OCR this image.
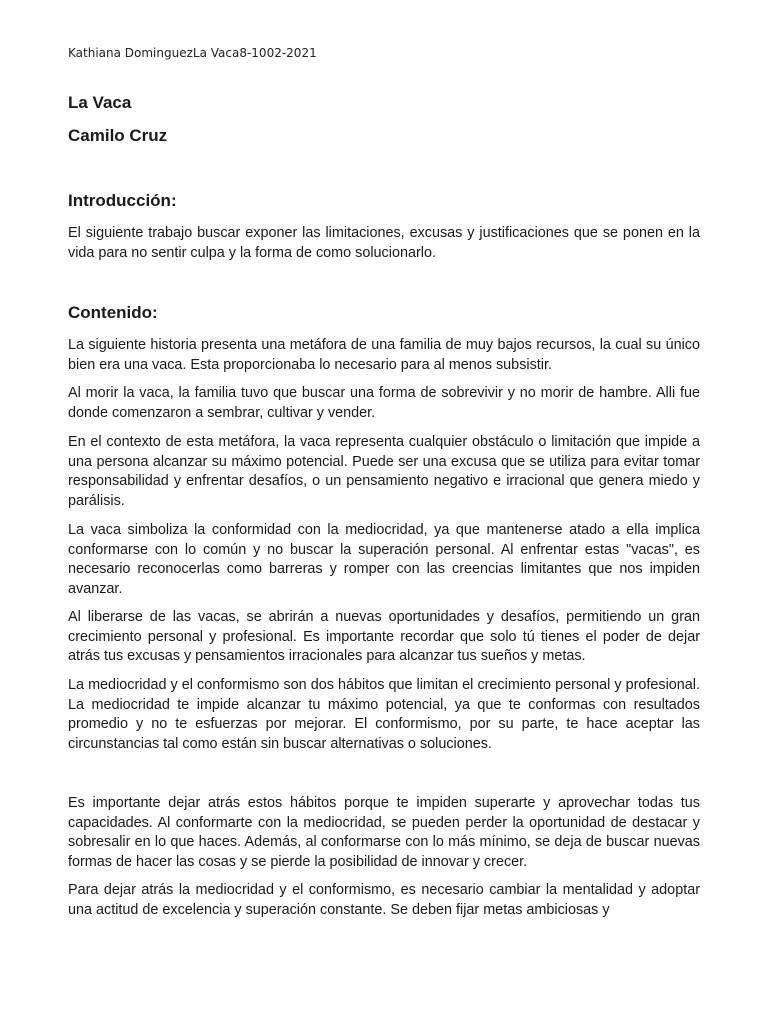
Kathiana DominguezLa Vaca8-1002-2021
La Vaca
Camilo Cruz
Introducción:

El siguiente trabajo buscar exponer las limitaciones, excusas y justificaciones que se ponen en la vida para no sentir culpa y la forma de como solucionarlo.

Contenido:

La siguiente historia presenta una metáfora de una familia de muy bajos recursos, la cual su único bien era una vaca. Esta proporcionaba lo necesario para al menos subsistir.

Al morir la vaca, la familia tuvo que buscar una forma de sobrevivir y no morir de hambre. Alli fue donde comenzaron a sembrar, cultivar y vender.

En el contexto de esta metáfora, la vaca representa cualquier obstáculo o limitación que impide a una persona alcanzar su máximo potencial. Puede ser una excusa que se utiliza para evitar tomar responsabilidad y enfrentar desafíos, o un pensamiento negativo e irracional que genera miedo y parálisis.

La vaca simboliza la conformidad con la mediocridad, ya que mantenerse atado a ella implica conformarse con lo común y no buscar la superación personal. Al enfrentar estas "vacas", es necesario reconocerlas como barreras y romper con las creencias limitantes que nos impiden avanzar.

Al liberarse de las vacas, se abrirán a nuevas oportunidades y desafíos, permitiendo un gran crecimiento personal y profesional. Es importante recordar que solo tú tienes el poder de dejar atrás tus excusas y pensamientos irracionales para alcanzar tus sueños y metas.

La mediocridad y el conformismo son dos hábitos que limitan el crecimiento personal y profesional. La mediocridad te impide alcanzar tu máximo potencial, ya que te conformas con resultados promedio y no te esfuerzas por mejorar. El conformismo, por su parte, te hace aceptar las circunstancias tal como están sin buscar alternativas o soluciones.

Es importante dejar atrás estos hábitos porque te impiden superarte y aprovechar todas tus capacidades. Al conformarte con la mediocridad, se pueden perder la oportunidad de destacar y sobresalir en lo que haces. Además, al conformarse con lo más mínimo, se deja de buscar nuevas formas de hacer las cosas y se pierde la posibilidad de innovar y crecer.

Para dejar atrás la mediocridad y el conformismo, es necesario cambiar la mentalidad y adoptar una actitud de excelencia y superación constante. Se deben fijar metas ambiciosas y
